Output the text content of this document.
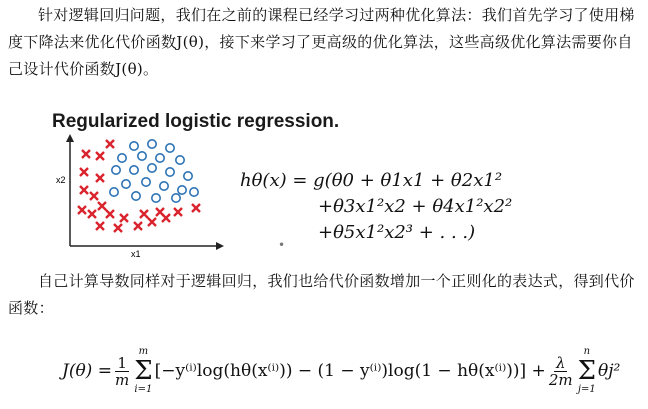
针对逻辑回归问题，我们在之前的课程已经学习过两种优化算法：我们首先学习了使用梯度下降法来优化代价函数J(θ)，接下来学习了更高级的优化算法，这些高级优化算法需要你自己设计代价函数J(θ)。
Regularized logistic regression.
x2
x1
hθ(x) = g(θ0 + θ1x1 + θ2x1²
+θ3x1²x2 + θ4x1²x2²
+θ5x1²x2³ + . . .)
•
自己计算导数同样对于逻辑回归，我们也给代价函数增加一个正则化的表达式，得到代价函数：
$J(\theta) = \frac{1}{m}$
m
Σ
i=1
$[-y^{(i)}\log(h\theta(x^{(i)})) - (1 - y^{(i)})\log(1 - h\theta(x^{(i)}))] + \frac{\lambda}{2m}$
n
Σ
j=1
θj²
